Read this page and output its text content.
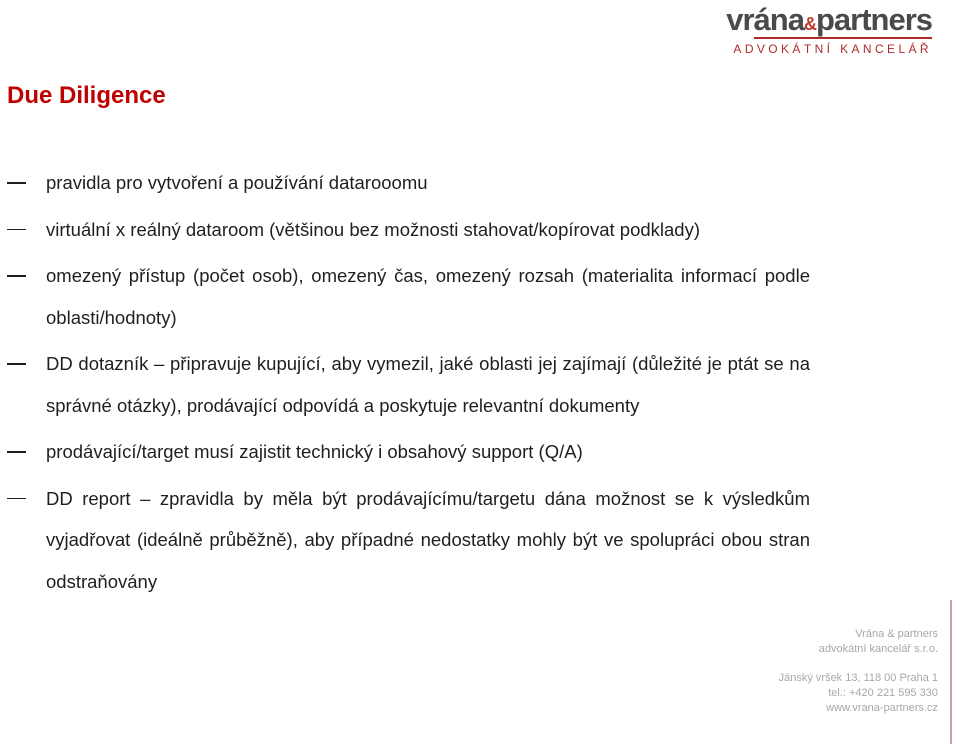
vrána&partners
ADVOKÁTNÍ KANCELÁŘ
Due Diligence
pravidla pro vytvoření a používání datarooomu
virtuální x reálný dataroom (většinou bez možnosti stahovat/kopírovat podklady)
omezený přístup (počet osob), omezený čas, omezený rozsah (materialita informací podle oblasti/hodnoty)
DD dotazník – připravuje kupující, aby vymezil, jaké oblasti jej zajímají (důležité je ptát se na správné otázky), prodávající odpovídá a poskytuje relevantní dokumenty
prodávající/target musí zajistit technický i obsahový support (Q/A)
DD report – zpravidla by měla být prodávajícímu/targetu dána možnost se k výsledkům vyjadřovat (ideálně průběžně), aby případné nedostatky mohly být ve spolupráci obou stran odstraňovány
Vrána & partners
advokátní kancelář s.r.o.
Jánský vršek 13, 118 00 Praha 1
tel.: +420 221 595 330
www.vrana-partners.cz
